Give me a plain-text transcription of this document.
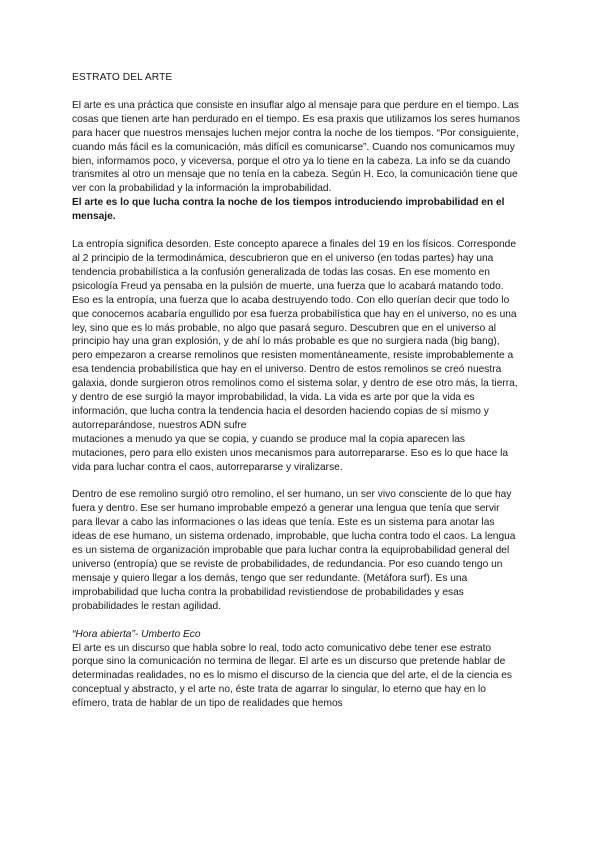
ESTRATO DEL ARTE

El arte es una práctica que consiste en insuflar algo al mensaje para que perdure en el tiempo. Las cosas que tienen arte han perdurado en el tiempo. Es esa praxis que utilizamos los seres humanos para hacer que nuestros mensajes luchen mejor contra la noche de los tiempos. “Por consiguiente, cuando más fácil es la comunicación, más difícil es comunicarse”. Cuando nos comunicamos muy bien, informamos poco, y viceversa, porque el otro ya lo tiene en la cabeza. La info se da cuando transmites al otro un mensaje que no tenía en la cabeza. Según H. Eco, la comunicación tiene que ver con la probabilidad y la información la improbabilidad.

El arte es lo que lucha contra la noche de los tiempos introduciendo improbabilidad en el mensaje.

La entropía significa desorden. Este concepto aparece a finales del 19 en los físicos. Corresponde al 2 principio de la termodinámica, descubrieron que en el universo (en todas partes) hay una tendencia probabilística a la confusión generalizada de todas las cosas. En ese momento en psicología Freud ya pensaba en la pulsión de muerte, una fuerza que lo acabará matando todo. Eso es la entropía, una fuerza que lo acaba destruyendo todo. Con ello querían decir que todo lo que conocemos acabaría engullido por esa fuerza probabilística que hay en el universo, no es una ley, sino que es lo más probable, no algo que pasará seguro. Descubren que en el universo al principio hay una gran explosión, y de ahí lo más probable es que no surgiera nada (big bang), pero empezaron a crearse remolinos que resisten momentáneamente, resiste improbablemente a esa tendencia probabilística que hay en el universo. Dentro de estos remolinos se creó nuestra galaxia, donde surgieron otros remolinos como el sistema solar, y dentro de ese otro más, la tierra, y dentro de ese surgió la mayor improbabilidad, la vida. La vida es arte por que la vida es información, que lucha contra la tendencia hacia el desorden haciendo copias de sí mismo y autorreparándose, nuestros ADN sufre

mutaciones a menudo ya que se copia, y cuando se produce mal la copia aparecen las mutaciones, pero para ello existen unos mecanismos para autorrepararse. Eso es lo que hace la vida para luchar contra el caos, autorrepararse y viralizarse.

Dentro de ese remolino surgió otro remolino, el ser humano, un ser vivo consciente de lo que hay fuera y dentro. Ese ser humano improbable empezó a generar una lengua que tenía que servir para llevar a cabo las informaciones o las ideas que tenía. Este es un sistema para anotar las ideas de ese humano, un sistema ordenado, improbable, que lucha contra todo el caos. La lengua es un sistema de organización improbable que para luchar contra la equiprobabilidad general del universo (entropía) que se reviste de probabilidades, de redundancia. Por eso cuando tengo un mensaje y quiero llegar a los demás, tengo que ser redundante. (Metáfora surf). Es una improbabilidad que lucha contra la probabilidad revistiendose de probabilidades y esas probabilidades le restan agilidad.

“Hora abierta”- Umberto Eco

El arte es un discurso que habla sobre lo real, todo acto comunicativo debe tener ese estrato porque sino la comunicación no termina de llegar. El arte es un discurso que pretende hablar de determinadas realidades, no es lo mismo el discurso de la ciencia que del arte, el de la ciencia es conceptual y abstracto, y el arte no, éste trata de agarrar lo singular, lo eterno que hay en lo efímero, trata de hablar de un tipo de realidades que hemos
